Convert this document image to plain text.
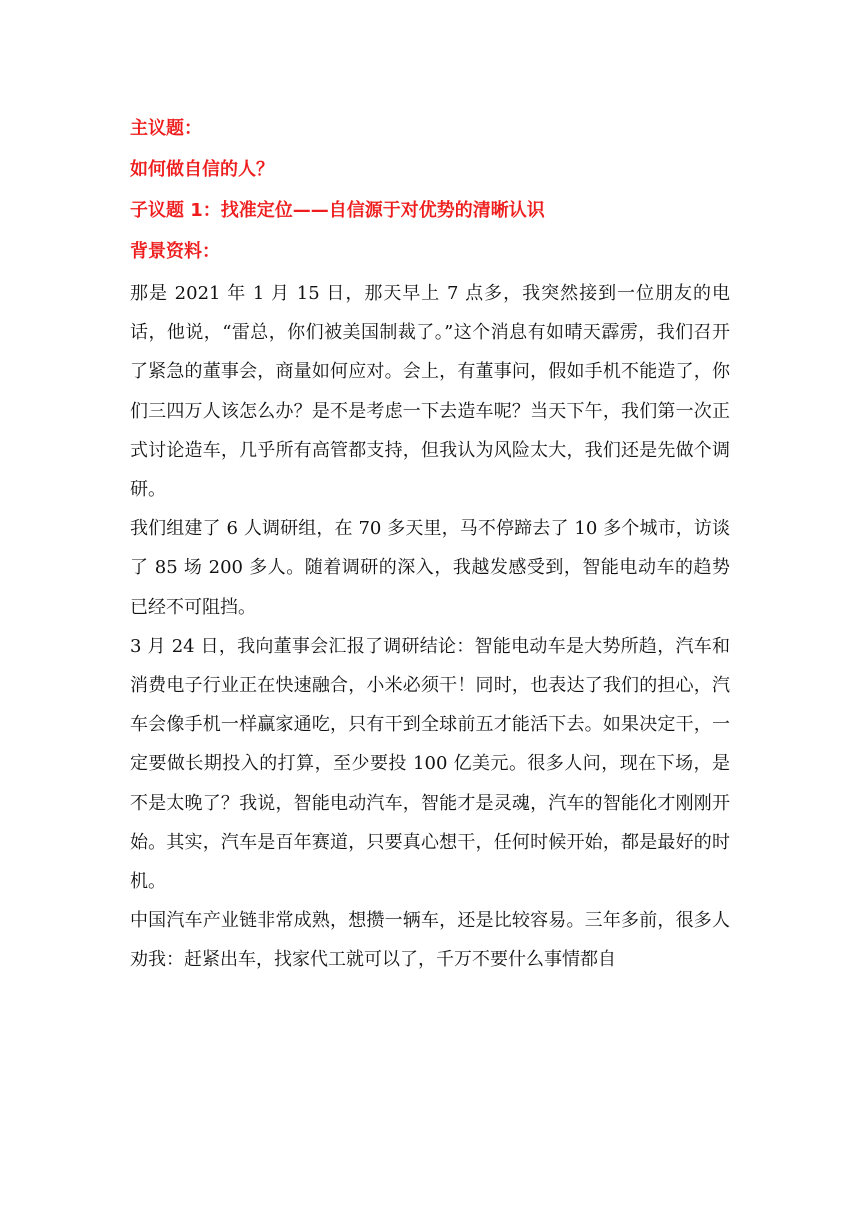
主议题：

如何做自信的人？

子议题 1：找准定位——自信源于对优势的清晰认识

背景资料：

那是 2021 年 1 月 15 日，那天早上 7 点多，我突然接到一位朋友的电话，他说，“雷总，你们被美国制裁了。”这个消息有如晴天霹雳，我们召开了紧急的董事会，商量如何应对。会上，有董事问，假如手机不能造了，你们三四万人该怎么办？是不是考虑一下去造车呢？当天下午，我们第一次正式讨论造车，几乎所有高管都支持，但我认为风险太大，我们还是先做个调研。

我们组建了 6 人调研组，在 70 多天里，马不停蹄去了 10 多个城市，访谈了 85 场 200 多人。随着调研的深入，我越发感受到，智能电动车的趋势已经不可阻挡。

3 月 24 日，我向董事会汇报了调研结论：智能电动车是大势所趋，汽车和消费电子行业正在快速融合，小米必须干！同时，也表达了我们的担心，汽车会像手机一样赢家通吃，只有干到全球前五才能活下去。如果决定干，一定要做长期投入的打算，至少要投 100 亿美元。很多人问，现在下场，是不是太晚了？我说，智能电动汽车，智能才是灵魂，汽车的智能化才刚刚开始。其实，汽车是百年赛道，只要真心想干，任何时候开始，都是最好的时机。

中国汽车产业链非常成熟，想攒一辆车，还是比较容易。三年多前，很多人劝我：赶紧出车，找家代工就可以了，千万不要什么事情都自
